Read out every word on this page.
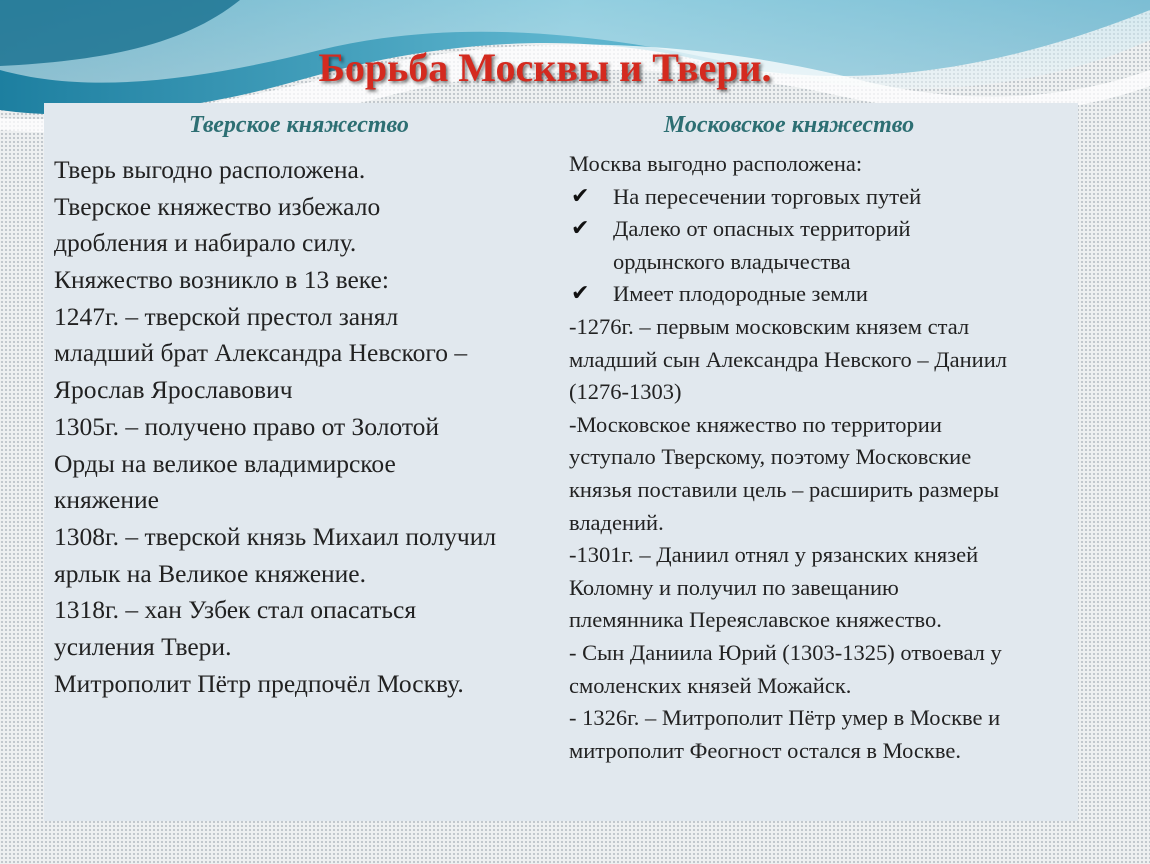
Борьба Москвы и Твери.
Тверское княжество
Тверь выгодно расположена.
Тверское княжество избежало
дробления и набирало силу.
Княжество возникло в 13 веке:
1247г. – тверской престол занял
младший брат Александра Невского –
Ярослав Ярославович
1305г. – получено право от Золотой
Орды на великое владимирское
княжение
1308г. – тверской князь Михаил получил
ярлык на Великое княжение.
1318г. – хан Узбек стал опасаться
усиления Твери.
Митрополит Пётр предпочёл Москву.
Московское княжество
Москва выгодно расположена:
✔ На пересечении торговых путей
✔ Далеко от опасных территорий
ордынского владычества
✔ Имеет плодородные земли
-1276г. – первым московским князем стал
младший сын Александра Невского – Даниил
(1276-1303)
-Московское княжество по территории
уступало Тверскому, поэтому Московские
князья поставили цель – расширить размеры
владений.
-1301г. – Даниил отнял у рязанских князей
Коломну и получил по завещанию
племянника Переяславское княжество.
- Сын Даниила Юрий (1303-1325) отвоевал у
смоленских князей Можайск.
- 1326г. – Митрополит Пётр умер в Москве и
митрополит Феогност остался в Москве.
